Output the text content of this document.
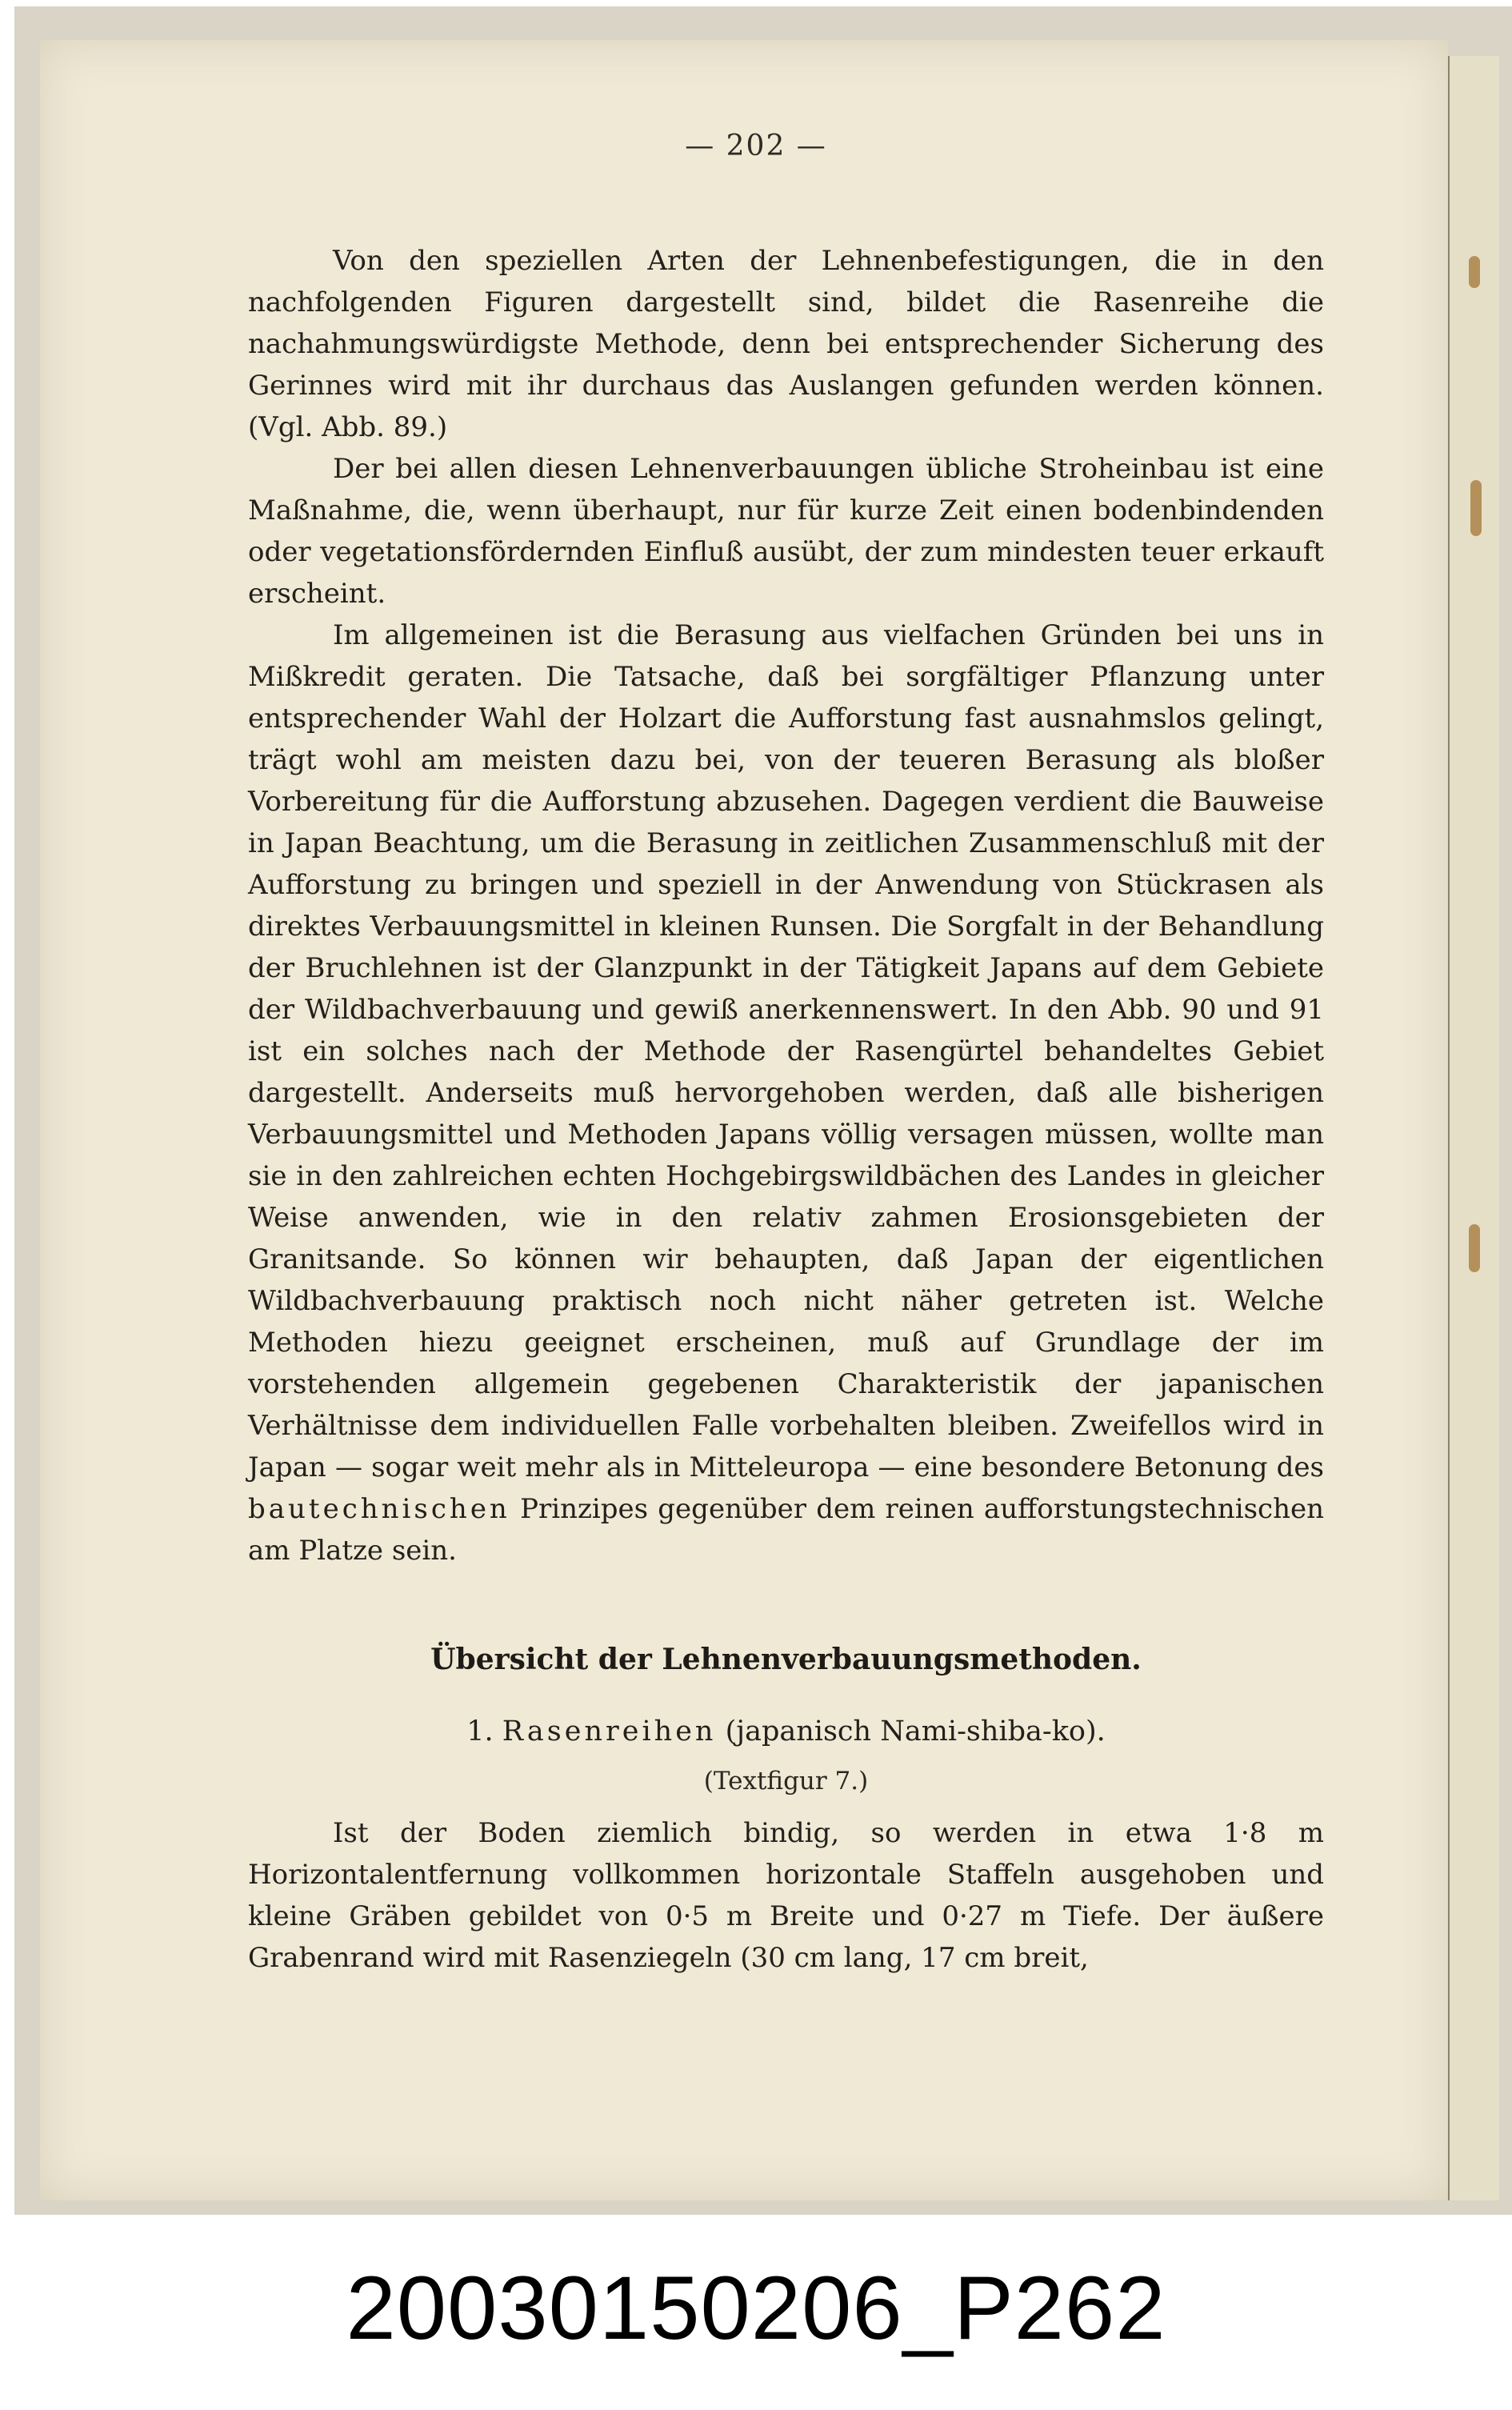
— 202 —

Von den speziellen Arten der Lehnenbefestigungen, die in den nachfolgenden Figuren dargestellt sind, bildet die Rasenreihe die nachahmungswürdigste Methode, denn bei entsprechender Sicherung des Gerinnes wird mit ihr durchaus das Auslangen gefunden werden können. (Vgl. Abb. 89.)

Der bei allen diesen Lehnenverbauungen übliche Stroheinbau ist eine Maßnahme, die, wenn überhaupt, nur für kurze Zeit einen bodenbindenden oder vegetationsfördernden Einfluß ausübt, der zum mindesten teuer erkauft erscheint.

Im allgemeinen ist die Berasung aus vielfachen Gründen bei uns in Mißkredit geraten. Die Tatsache, daß bei sorgfältiger Pflanzung unter entsprechender Wahl der Holzart die Aufforstung fast ausnahmslos gelingt, trägt wohl am meisten dazu bei, von der teueren Berasung als bloßer Vorbereitung für die Aufforstung abzusehen. Dagegen verdient die Bauweise in Japan Beachtung, um die Berasung in zeitlichen Zusammenschluß mit der Aufforstung zu bringen und speziell in der Anwendung von Stückrasen als direktes Verbauungsmittel in kleinen Runsen. Die Sorgfalt in der Behandlung der Bruchlehnen ist der Glanzpunkt in der Tätigkeit Japans auf dem Gebiete der Wildbachverbauung und gewiß anerkennenswert. In den Abb. 90 und 91 ist ein solches nach der Methode der Rasengürtel behandeltes Gebiet dargestellt. Anderseits muß hervorgehoben werden, daß alle bisherigen Verbauungsmittel und Methoden Japans völlig versagen müssen, wollte man sie in den zahlreichen echten Hochgebirgswildbächen des Landes in gleicher Weise anwenden, wie in den relativ zahmen Erosionsgebieten der Granitsande. So können wir behaupten, daß Japan der eigentlichen Wildbachverbauung praktisch noch nicht näher getreten ist. Welche Methoden hiezu geeignet erscheinen, muß auf Grundlage der im vorstehenden allgemein gegebenen Charakteristik der japanischen Verhältnisse dem individuellen Falle vorbehalten bleiben. Zweifellos wird in Japan — sogar weit mehr als in Mitteleuropa — eine besondere Betonung des bautechnischen Prinzipes gegenüber dem reinen aufforstungstechnischen am Platze sein.

Übersicht der Lehnenverbauungsmethoden.
1. Rasenreihen (japanisch Nami-shiba-ko).
(Textfigur 7.)

Ist der Boden ziemlich bindig, so werden in etwa 1·8 m Horizontalentfernung vollkommen horizontale Staffeln ausgehoben und kleine Gräben gebildet von 0·5 m Breite und 0·27 m Tiefe. Der äußere Grabenrand wird mit Rasenziegeln (30 cm lang, 17 cm breit,

20030150206_P262
